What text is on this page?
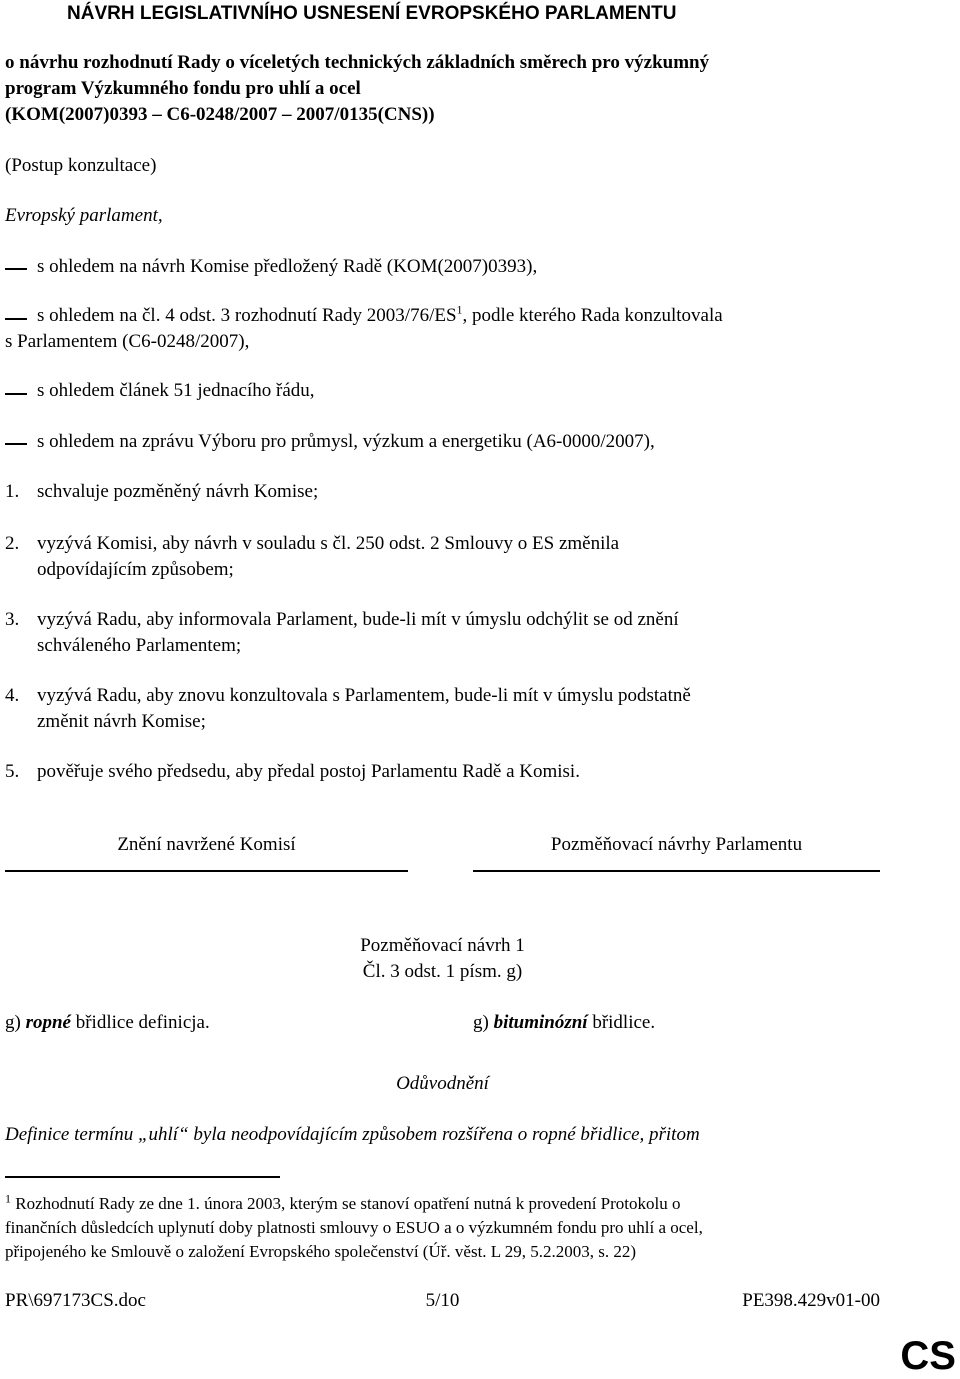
NÁVRH LEGISLATIVNÍHO USNESENÍ EVROPSKÉHO PARLAMENTU
o návrhu rozhodnutí Rady o víceletých technických základních směrech pro výzkumný
program Výzkumného fondu pro uhlí a ocel
(KOM(2007)0393 – C6-0248/2007 – 2007/0135(CNS))
(Postup konzultace)
Evropský parlament,
s ohledem na návrh Komise předložený Radě (KOM(2007)0393),
s ohledem na čl. 4 odst. 3 rozhodnutí Rady $2003/76/ES^1$, podle kterého Rada konzultovala
s Parlamentem (C6-0248/2007),
s ohledem článek 51 jednacího řádu,
s ohledem na zprávu Výboru pro průmysl, výzkum a energetiku (A6-0000/2007),
1. schvaluje pozměněný návrh Komise;
2. vyzývá Komisi, aby návrh v souladu s čl. 250 odst. 2 Smlouvy o ES změnila
odpovídajícím způsobem;
3. vyzývá Radu, aby informovala Parlament, bude-li mít v úmyslu odchýlit se od znění
schváleného Parlamentem;
4. vyzývá Radu, aby znovu konzultovala s Parlamentem, bude-li mít v úmyslu podstatně
změnit návrh Komise;
5. pověřuje svého předsedu, aby předal postoj Parlamentu Radě a Komisi.
Znění navržené Komisí	Pozměňovací návrhy Parlamentu
Pozměňovací návrh 1
Čl. 3 odst. 1 písm. g)
g) ropné břidlice definicja.	g) bituminózní břidlice.
Odůvodnění
Definice termínu „uhlí“ byla neodpovídajícím způsobem rozšířena o ropné břidlice, přitom
$^1$ Rozhodnutí Rady ze dne 1. února 2003, kterým se stanoví opatření nutná k provedení Protokolu o
finančních důsledcích uplynutí doby platnosti smlouvy o ESUO a o výzkumném fondu pro uhlí a ocel,
připojeného ke Smlouvě o založení Evropského společenství (Úř. věst. L 29, 5.2.2003, s. 22)
PR\697173CS.doc	5/10	PE398.429v01-00
CS
